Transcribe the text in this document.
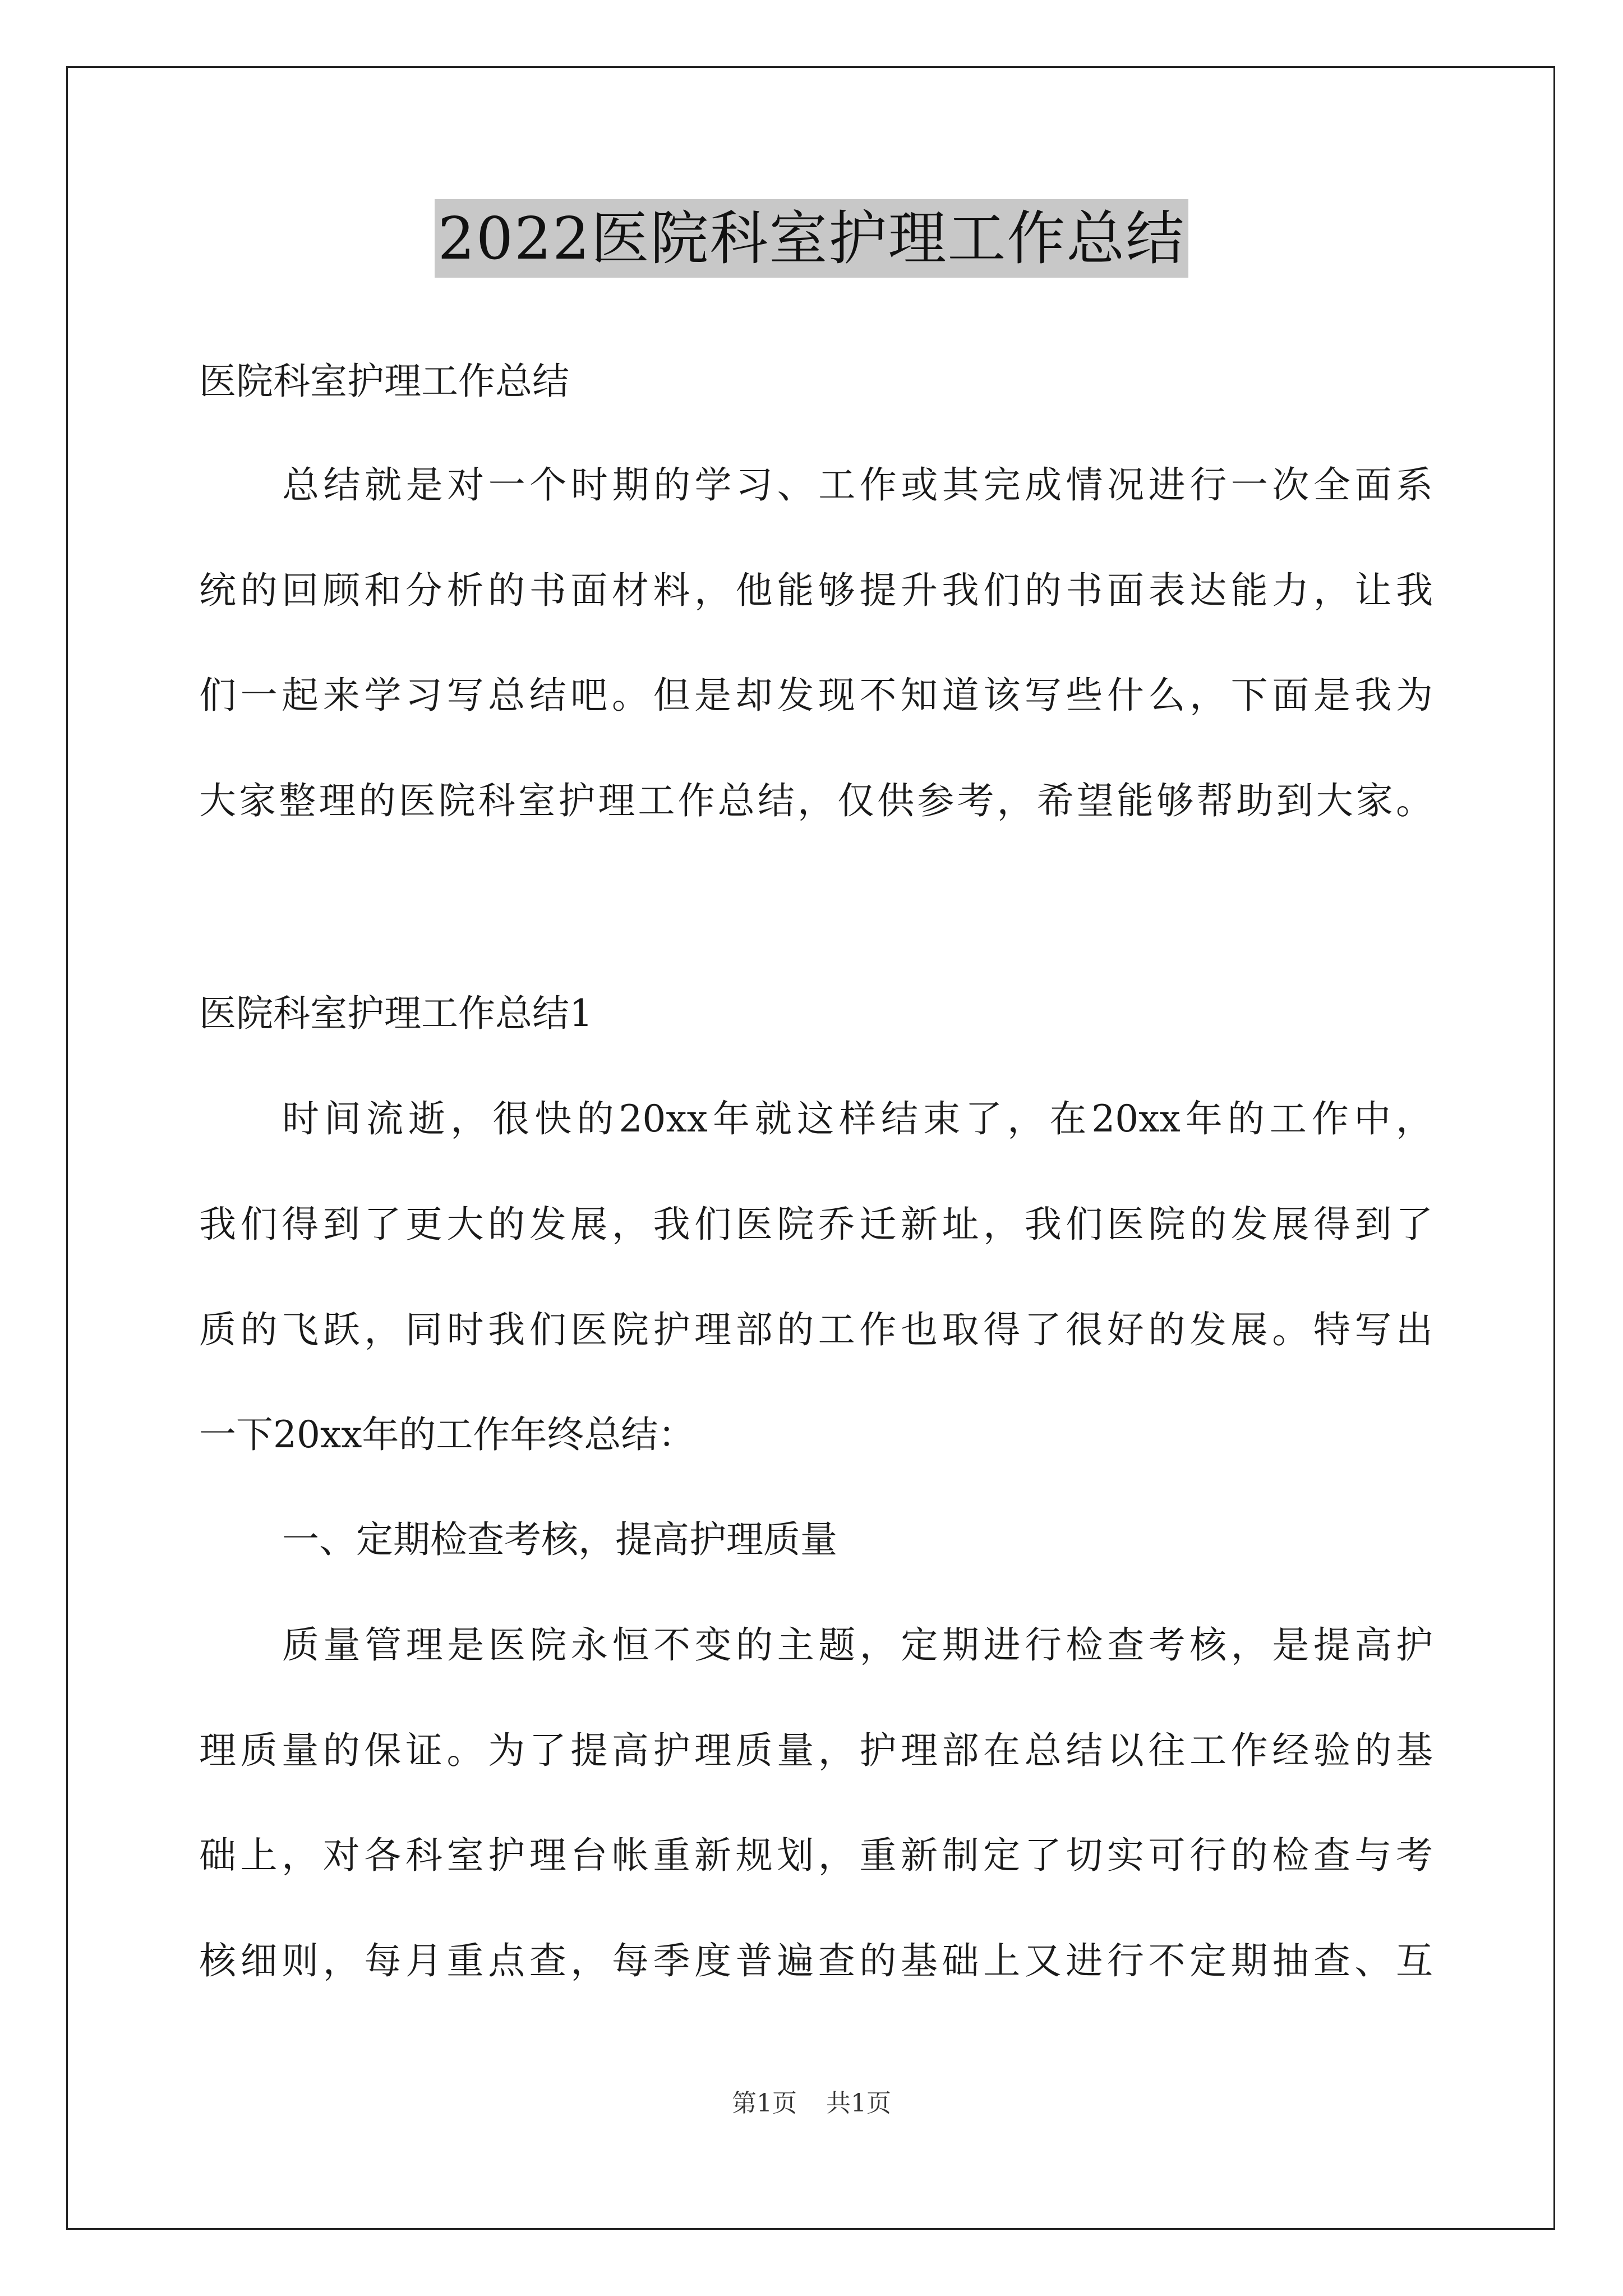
2022医院科室护理工作总结
医院科室护理工作总结
总结就是对一个时期的学习、工作或其完成情况进行一次全面系
统的回顾和分析的书面材料，他能够提升我们的书面表达能力，让我
们一起来学习写总结吧。但是却发现不知道该写些什么，下面是我为
大家整理的医院科室护理工作总结，仅供参考，希望能够帮助到大家。
医院科室护理工作总结1
时间流逝，很快的20xx年就这样结束了，在20xx年的工作中，
我们得到了更大的发展，我们医院乔迁新址，我们医院的发展得到了
质的飞跃，同时我们医院护理部的工作也取得了很好的发展。特写出
一下20xx年的工作年终总结：
一、定期检查考核，提高护理质量
质量管理是医院永恒不变的主题，定期进行检查考核，是提高护
理质量的保证。为了提高护理质量，护理部在总结以往工作经验的基
础上，对各科室护理台帐重新规划，重新制定了切实可行的检查与考
核细则，每月重点查，每季度普遍查的基础上又进行不定期抽查、互
第1页 共1页
